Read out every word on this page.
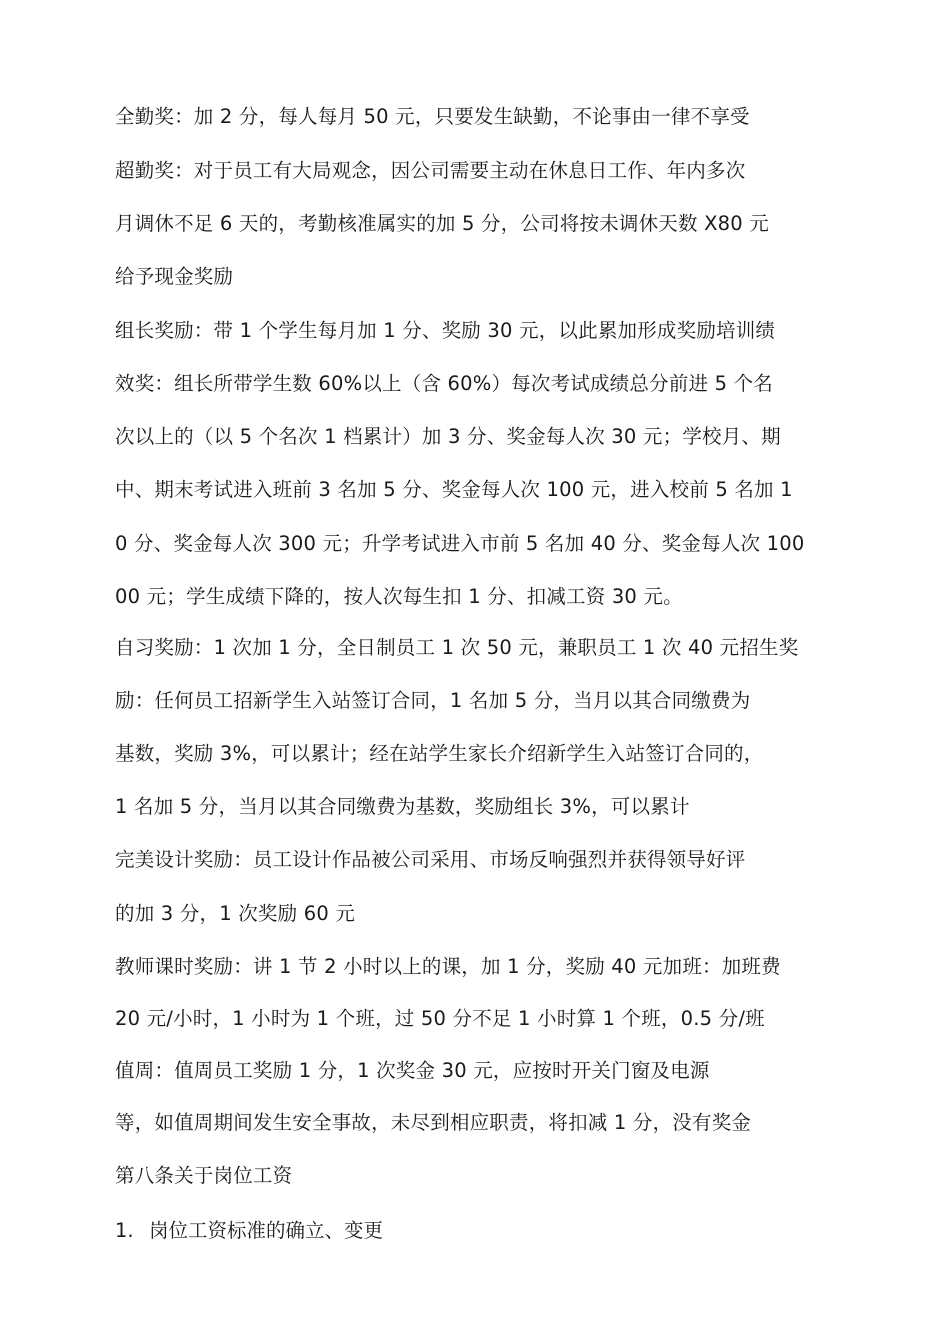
全勤奖：加 2 分，每人每月 50 元，只要发生缺勤，不论事由一律不享受
超勤奖：对于员工有大局观念，因公司需要主动在休息日工作、年内多次
月调休不足 6 天的，考勤核准属实的加 5 分，公司将按未调休天数 X80 元
给予现金奖励
组长奖励：带 1 个学生每月加 1 分、奖励 30 元，以此累加形成奖励培训绩
效奖：组长所带学生数 60%以上（含 60%）每次考试成绩总分前进 5 个名
次以上的（以 5 个名次 1 档累计）加 3 分、奖金每人次 30 元；学校月、期
中、期末考试进入班前 3 名加 5 分、奖金每人次 100 元，进入校前 5 名加 1
0 分、奖金每人次 300 元；升学考试进入市前 5 名加 40 分、奖金每人次 100
00 元；学生成绩下降的，按人次每生扣 1 分、扣减工资 30 元。
自习奖励：1 次加 1 分，全日制员工 1 次 50 元，兼职员工 1 次 40 元招生奖
励：任何员工招新学生入站签订合同，1 名加 5 分，当月以其合同缴费为
基数，奖励 3%，可以累计；经在站学生家长介绍新学生入站签订合同的，
1 名加 5 分，当月以其合同缴费为基数，奖励组长 3%，可以累计
完美设计奖励：员工设计作品被公司采用、市场反响强烈并获得领导好评
的加 3 分，1 次奖励 60 元
教师课时奖励：讲 1 节 2 小时以上的课，加 1 分，奖励 40 元加班：加班费
20 元/小时，1 小时为 1 个班，过 50 分不足 1 小时算 1 个班，0.5 分/班
值周：值周员工奖励 1 分，1 次奖金 30 元，应按时开关门窗及电源
等，如值周期间发生安全事故，未尽到相应职责，将扣减 1 分，没有奖金
第八条关于岗位工资
1. 岗位工资标准的确立、变更
